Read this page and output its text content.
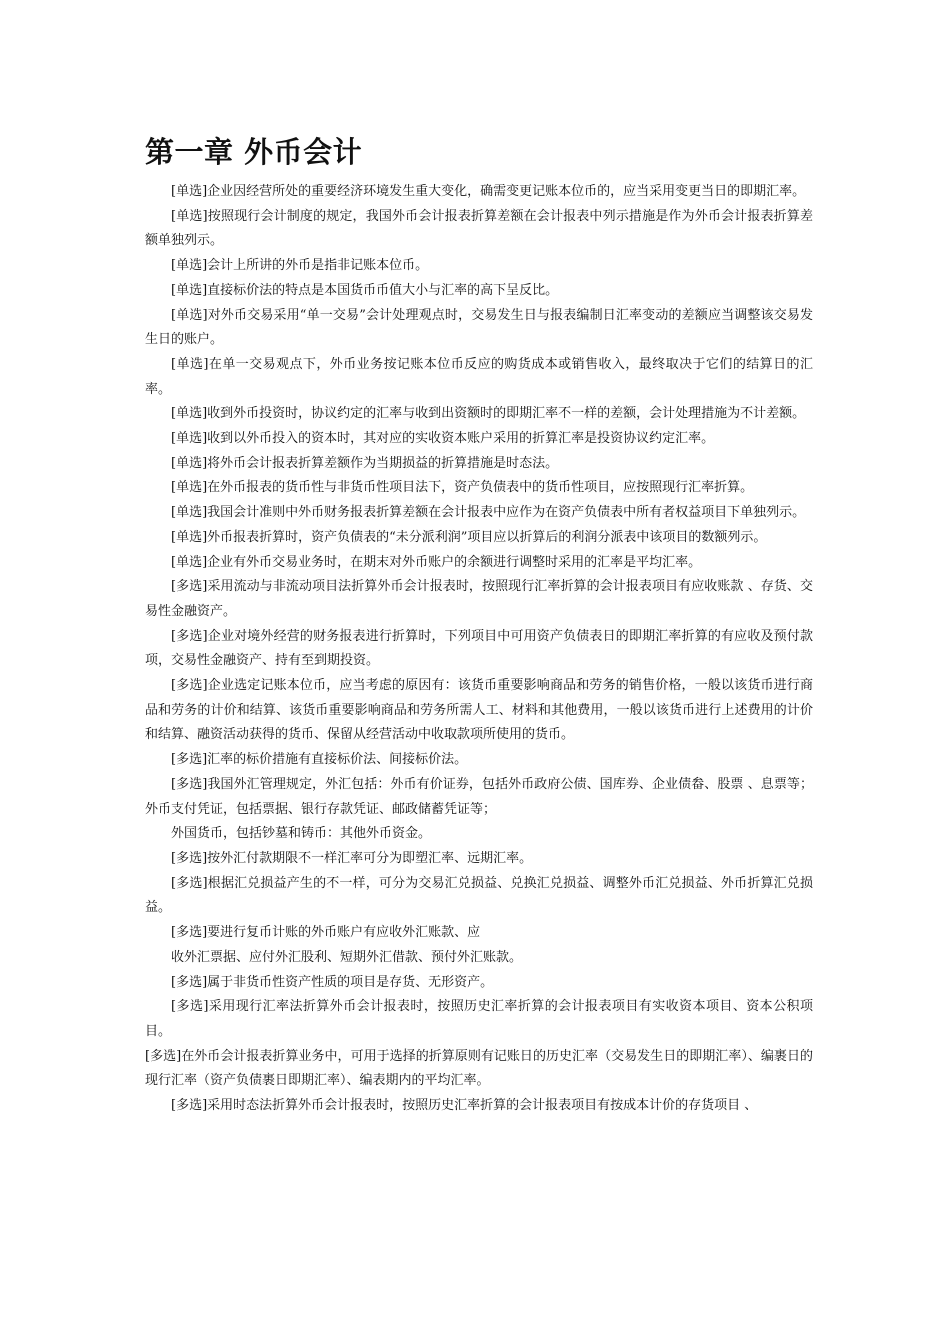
第一章 外币会计

[单选]企业因经营所处的重要经济环境发生重大变化，确需变更记账本位币的，应当采用变更当日的即期汇率。

[单选]按照现行会计制度的规定，我国外币会计报表折算差额在会计报表中列示措施是作为外币会计报表折算差额单独列示。

[单选]会计上所讲的外币是指非记账本位币。

[单选]直接标价法的特点是本国货币币值大小与汇率的高下呈反比。

[单选]对外币交易采用“单一交易”会计处理观点时，交易发生日与报表编制日汇率变动的差额应当调整该交易发生日的账户。

[单选]在单一交易观点下，外币业务按记账本位币反应的购货成本或销售收入，最终取决于它们的结算日的汇率。

[单选]收到外币投资时，协议约定的汇率与收到出资额时的即期汇率不一样的差额，会计处理措施为不计差额。

[单选]收到以外币投入的资本时，其对应的实收资本账户采用的折算汇率是投资协议约定汇率。

[单选]将外币会计报表折算差额作为当期损益的折算措施是时态法。

[单选]在外币报表的货币性与非货币性项目法下，资产负债表中的货币性项目，应按照现行汇率折算。

[单选]我国会计准则中外币财务报表折算差额在会计报表中应作为在资产负债表中所有者权益项目下单独列示。

[单选]外币报表折算时，资产负债表的“未分派利润”项目应以折算后的利润分派表中该项目的数额列示。

[单选]企业有外币交易业务时，在期末对外币账户的余额进行调整时采用的汇率是平均汇率。

[多选]采用流动与非流动项目法折算外币会计报表时，按照现行汇率折算的会计报表项目有应收账款 、存货、交易性金融资产。

[多选]企业对境外经营的财务报表进行折算时，下列项目中可用资产负债表日的即期汇率折算的有应收及预付款项，交易性金融资产、持有至到期投资。

[多选]企业选定记账本位币，应当考虑的原因有：该货币重要影响商品和劳务的销售价格，一般以该货币进行商品和劳务的计价和结算、该货币重要影响商品和劳务所需人工、材料和其他费用，一般以该货币进行上述费用的计价和结算、融资活动获得的货币、保留从经营活动中收取款项所使用的货币。

[多选]汇率的标价措施有直接标价法、间接标价法。

[多选]我国外汇管理规定，外汇包括：外币有价证券，包括外币政府公债、国库券、企业债畚、股票 、息票等；外币支付凭证，包括票据、银行存款凭证、邮政储蓄凭证等；

外国货币，包括钞墓和铸币：其他外币资金。

[多选]按外汇付款期限不一样汇率可分为即塑汇率、远期汇率。

[多选]根据汇兑损益产生的不一样，可分为交易汇兑损益、兑换汇兑损益、调整外币汇兑损益、外币折算汇兑损益。

[多选]要进行复币计账的外币账户有应收外汇账款、应

收外汇票据、应付外汇股利、短期外汇借款、预付外汇账款。

[多选]属于非货币性资产性质的项目是存货、无形资产。

[多选]采用现行汇率法折算外币会计报表时，按照历史汇率折算的会计报表项目有实收资本项目、资本公积项目。

[多选]在外币会计报表折算业务中，可用于选择的折算原则有记账日的历史汇率（交易发生日的即期汇率）、编裹日的现行汇率（资产负债裹日即期汇率）、编表期内的平均汇率。

[多选]采用时态法折算外币会计报表时，按照历史汇率折算的会计报表项目有按成本计价的存货项目 、
